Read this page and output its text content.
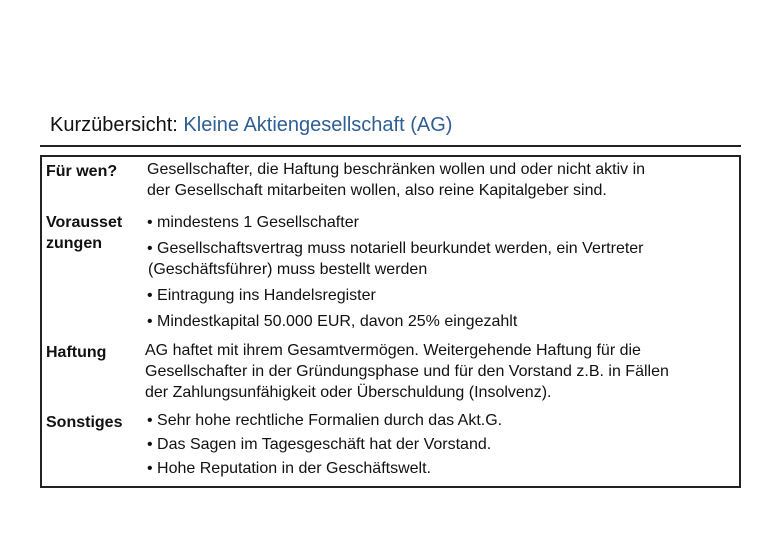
Kurzübersicht: Kleine Aktiengesellschaft (AG)
Für wen? Gesellschafter, die Haftung beschränken wollen und oder nicht aktiv in
der Gesellschaft mitarbeiten wollen, also reine Kapitalgeber sind.
Vorausset
zungen
• mindestens 1 Gesellschafter
• Gesellschaftsvertrag muss notariell beurkundet werden, ein Vertreter
(Geschäftsführer) muss bestellt werden
• Eintragung ins Handelsregister
• Mindestkapital 50.000 EUR, davon 25% eingezahlt
Haftung AG haftet mit ihrem Gesamtvermögen. Weitergehende Haftung für die
Gesellschafter in der Gründungsphase und für den Vorstand z.B. in Fällen
der Zahlungsunfähigkeit oder Überschuldung (Insolvenz).
Sonstiges • Sehr hohe rechtliche Formalien durch das Akt.G.
• Das Sagen im Tagesgeschäft hat der Vorstand.
• Hohe Reputation in der Geschäftswelt.
